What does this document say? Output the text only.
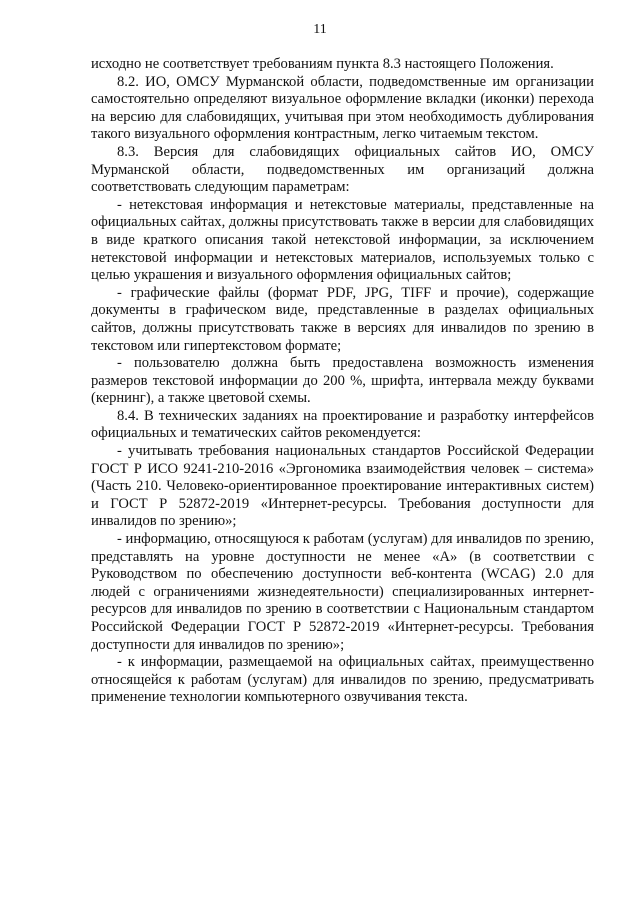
11

исходно не соответствует требованиям пункта 8.3 настоящего Положения.

8.2. ИО, ОМСУ Мурманской области, подведомственные им организации самостоятельно определяют визуальное оформление вкладки (иконки) перехода на версию для слабовидящих, учитывая при этом необходимость дублирования такого визуального оформления контрастным, легко читаемым текстом.

8.3. Версия для слабовидящих официальных сайтов ИО, ОМСУ Мурманской области, подведомственных им организаций должна соответствовать следующим параметрам:

- нетекстовая информация и нетекстовые материалы, представленные на официальных сайтах, должны присутствовать также в версии для слабовидящих в виде краткого описания такой нетекстовой информации, за исключением нетекстовой информации и нетекстовых материалов, используемых только с целью украшения и визуального оформления официальных сайтов;

- графические файлы (формат PDF, JPG, TIFF и прочие), содержащие документы в графическом виде, представленные в разделах официальных сайтов, должны присутствовать также в версиях для инвалидов по зрению в текстовом или гипертекстовом формате;

- пользователю должна быть предоставлена возможность изменения размеров текстовой информации до 200 %, шрифта, интервала между буквами (кернинг), а также цветовой схемы.

8.4. В технических заданиях на проектирование и разработку интерфейсов официальных и тематических сайтов рекомендуется:

- учитывать требования национальных стандартов Российской Федерации ГОСТ Р ИСО 9241-210-2016 «Эргономика взаимодействия человек – система» (Часть 210. Человеко-ориентированное проектирование интерактивных систем) и ГОСТ Р 52872-2019 «Интернет-ресурсы. Требования доступности для инвалидов по зрению»;

- информацию, относящуюся к работам (услугам) для инвалидов по зрению, представлять на уровне доступности не менее «A» (в соответствии с Руководством по обеспечению доступности веб-контента (WCAG) 2.0 для людей с ограничениями жизнедеятельности) специализированных интернет-ресурсов для инвалидов по зрению в соответствии с Национальным стандартом Российской Федерации ГОСТ Р 52872-2019 «Интернет-ресурсы. Требования доступности для инвалидов по зрению»;

- к информации, размещаемой на официальных сайтах, преимущественно относящейся к работам (услугам) для инвалидов по зрению, предусматривать применение технологии компьютерного озвучивания текста.
